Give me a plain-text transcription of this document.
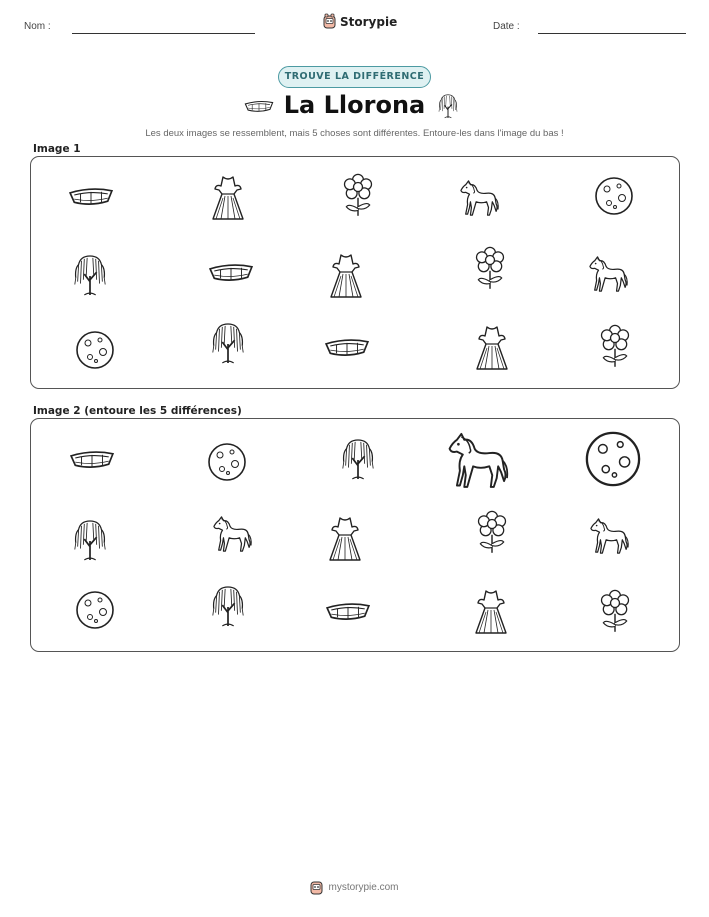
Nom :	Storypie	Date :
TROUVE LA DIFFÉRENCE
La Llorona
Les deux images se ressemblent, mais 5 choses sont différentes. Entoure-les dans l'image du bas !
Image 1
Image 2 (entoure les 5 différences)
mystorypie.com
